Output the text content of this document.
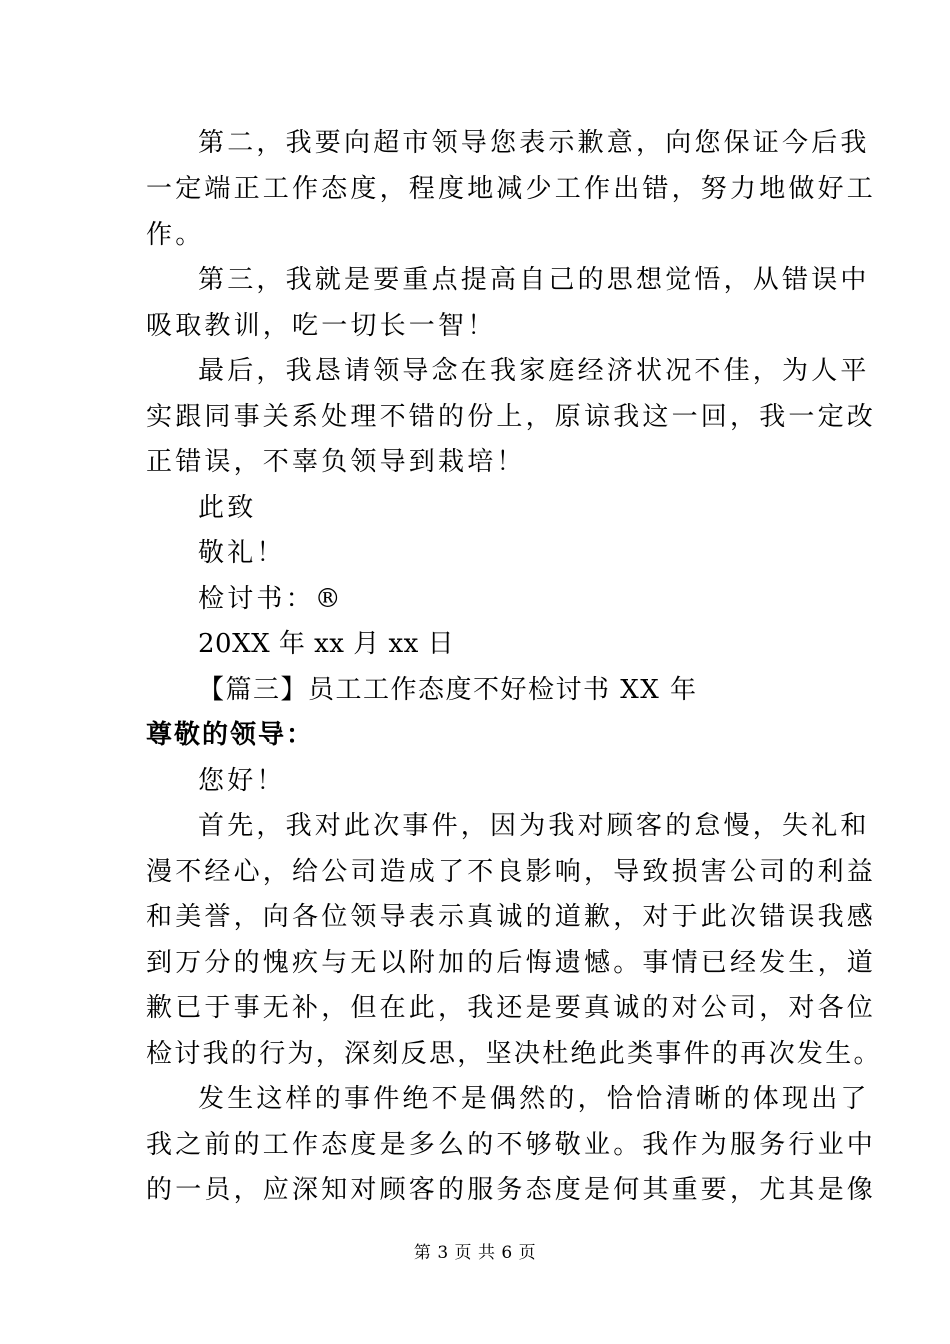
第二，我要向超市领导您表示歉意，向您保证今后我

一定端正工作态度，程度地减少工作出错，努力地做好工

作。

第三，我就是要重点提高自己的思想觉悟，从错误中

吸取教训，吃一切长一智！

最后，我恳请领导念在我家庭经济状况不佳，为人平

实跟同事关系处理不错的份上，原谅我这一回，我一定改

正错误，不辜负领导到栽培！

此致

敬礼！

检讨书：®

20XX 年 xx 月 xx 日

【篇三】员工工作态度不好检讨书 XX 年

尊敬的领导：

您好！

首先，我对此次事件，因为我对顾客的怠慢，失礼和

漫不经心，给公司造成了不良影响，导致损害公司的利益

和美誉，向各位领导表示真诚的道歉，对于此次错误我感

到万分的愧疚与无以附加的后悔遗憾。事情已经发生，道

歉已于事无补，但在此，我还是要真诚的对公司，对各位

检讨我的行为，深刻反思，坚决杜绝此类事件的再次发生。

发生这样的事件绝不是偶然的，恰恰清晰的体现出了

我之前的工作态度是多么的不够敬业。我作为服务行业中

的一员，应深知对顾客的服务态度是何其重要，尤其是像

第 3 页 共 6 页
